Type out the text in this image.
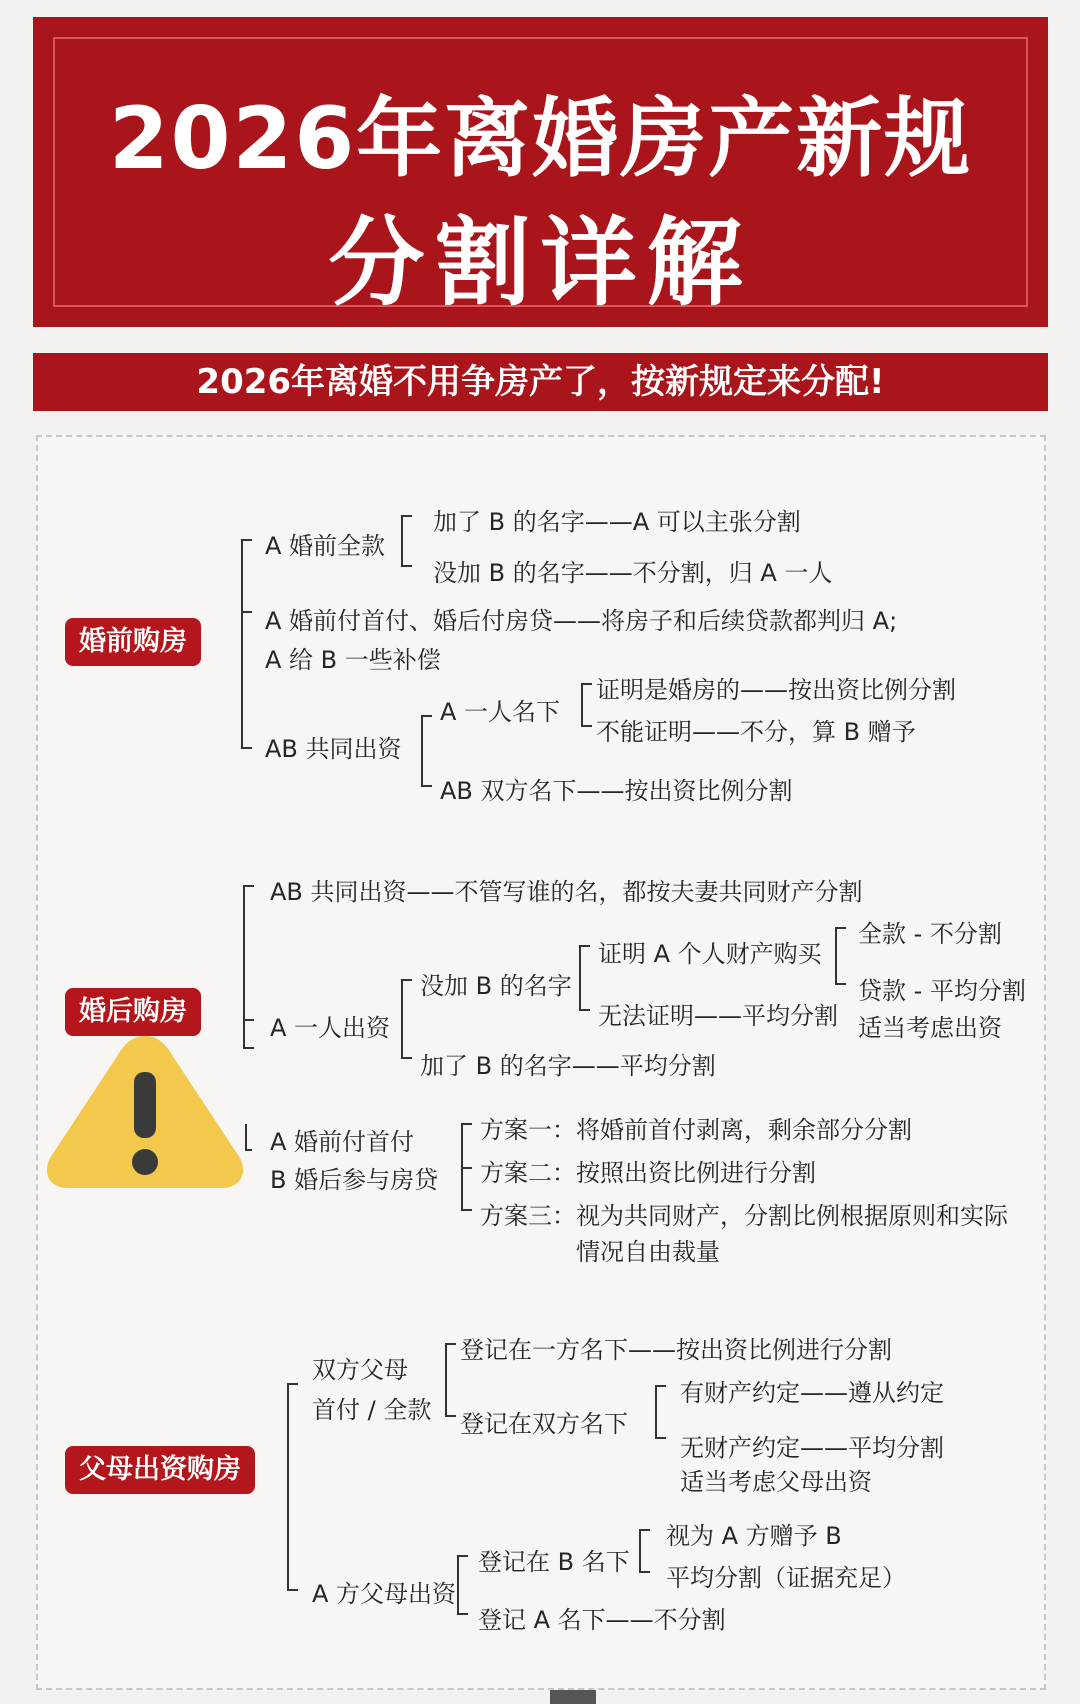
2026年离婚房产新规
分割详解
2026年离婚不用争房产了，按新规定来分配!
婚前购房
A 婚前全款
加了 B 的名字——A 可以主张分割
没加 B 的名字——不分割，归 A 一人
A 婚前付首付、婚后付房贷——将房子和后续贷款都判归 A;
A 给 B 一些补偿
AB 共同出资
A 一人名下
证明是婚房的——按出资比例分割
不能证明——不分，算 B 赠予
AB 双方名下——按出资比例分割
婚后购房
AB 共同出资——不管写谁的名，都按夫妻共同财产分割
A 一人出资
没加 B 的名字
证明 A 个人财产购买
全款 - 不分割
贷款 - 平均分割
适当考虑出资
无法证明——平均分割
加了 B 的名字——平均分割
A 婚前付首付
B 婚后参与房贷
方案一：将婚前首付剥离，剩余部分分割
方案二：按照出资比例进行分割
方案三：视为共同财产，分割比例根据原则和实际
情况自由裁量
父母出资购房
双方父母
首付 / 全款
登记在一方名下——按出资比例进行分割
登记在双方名下
有财产约定——遵从约定
无财产约定——平均分割
适当考虑父母出资
A 方父母出资
登记在 B 名下
视为 A 方赠予 B
平均分割（证据充足）
登记 A 名下——不分割
